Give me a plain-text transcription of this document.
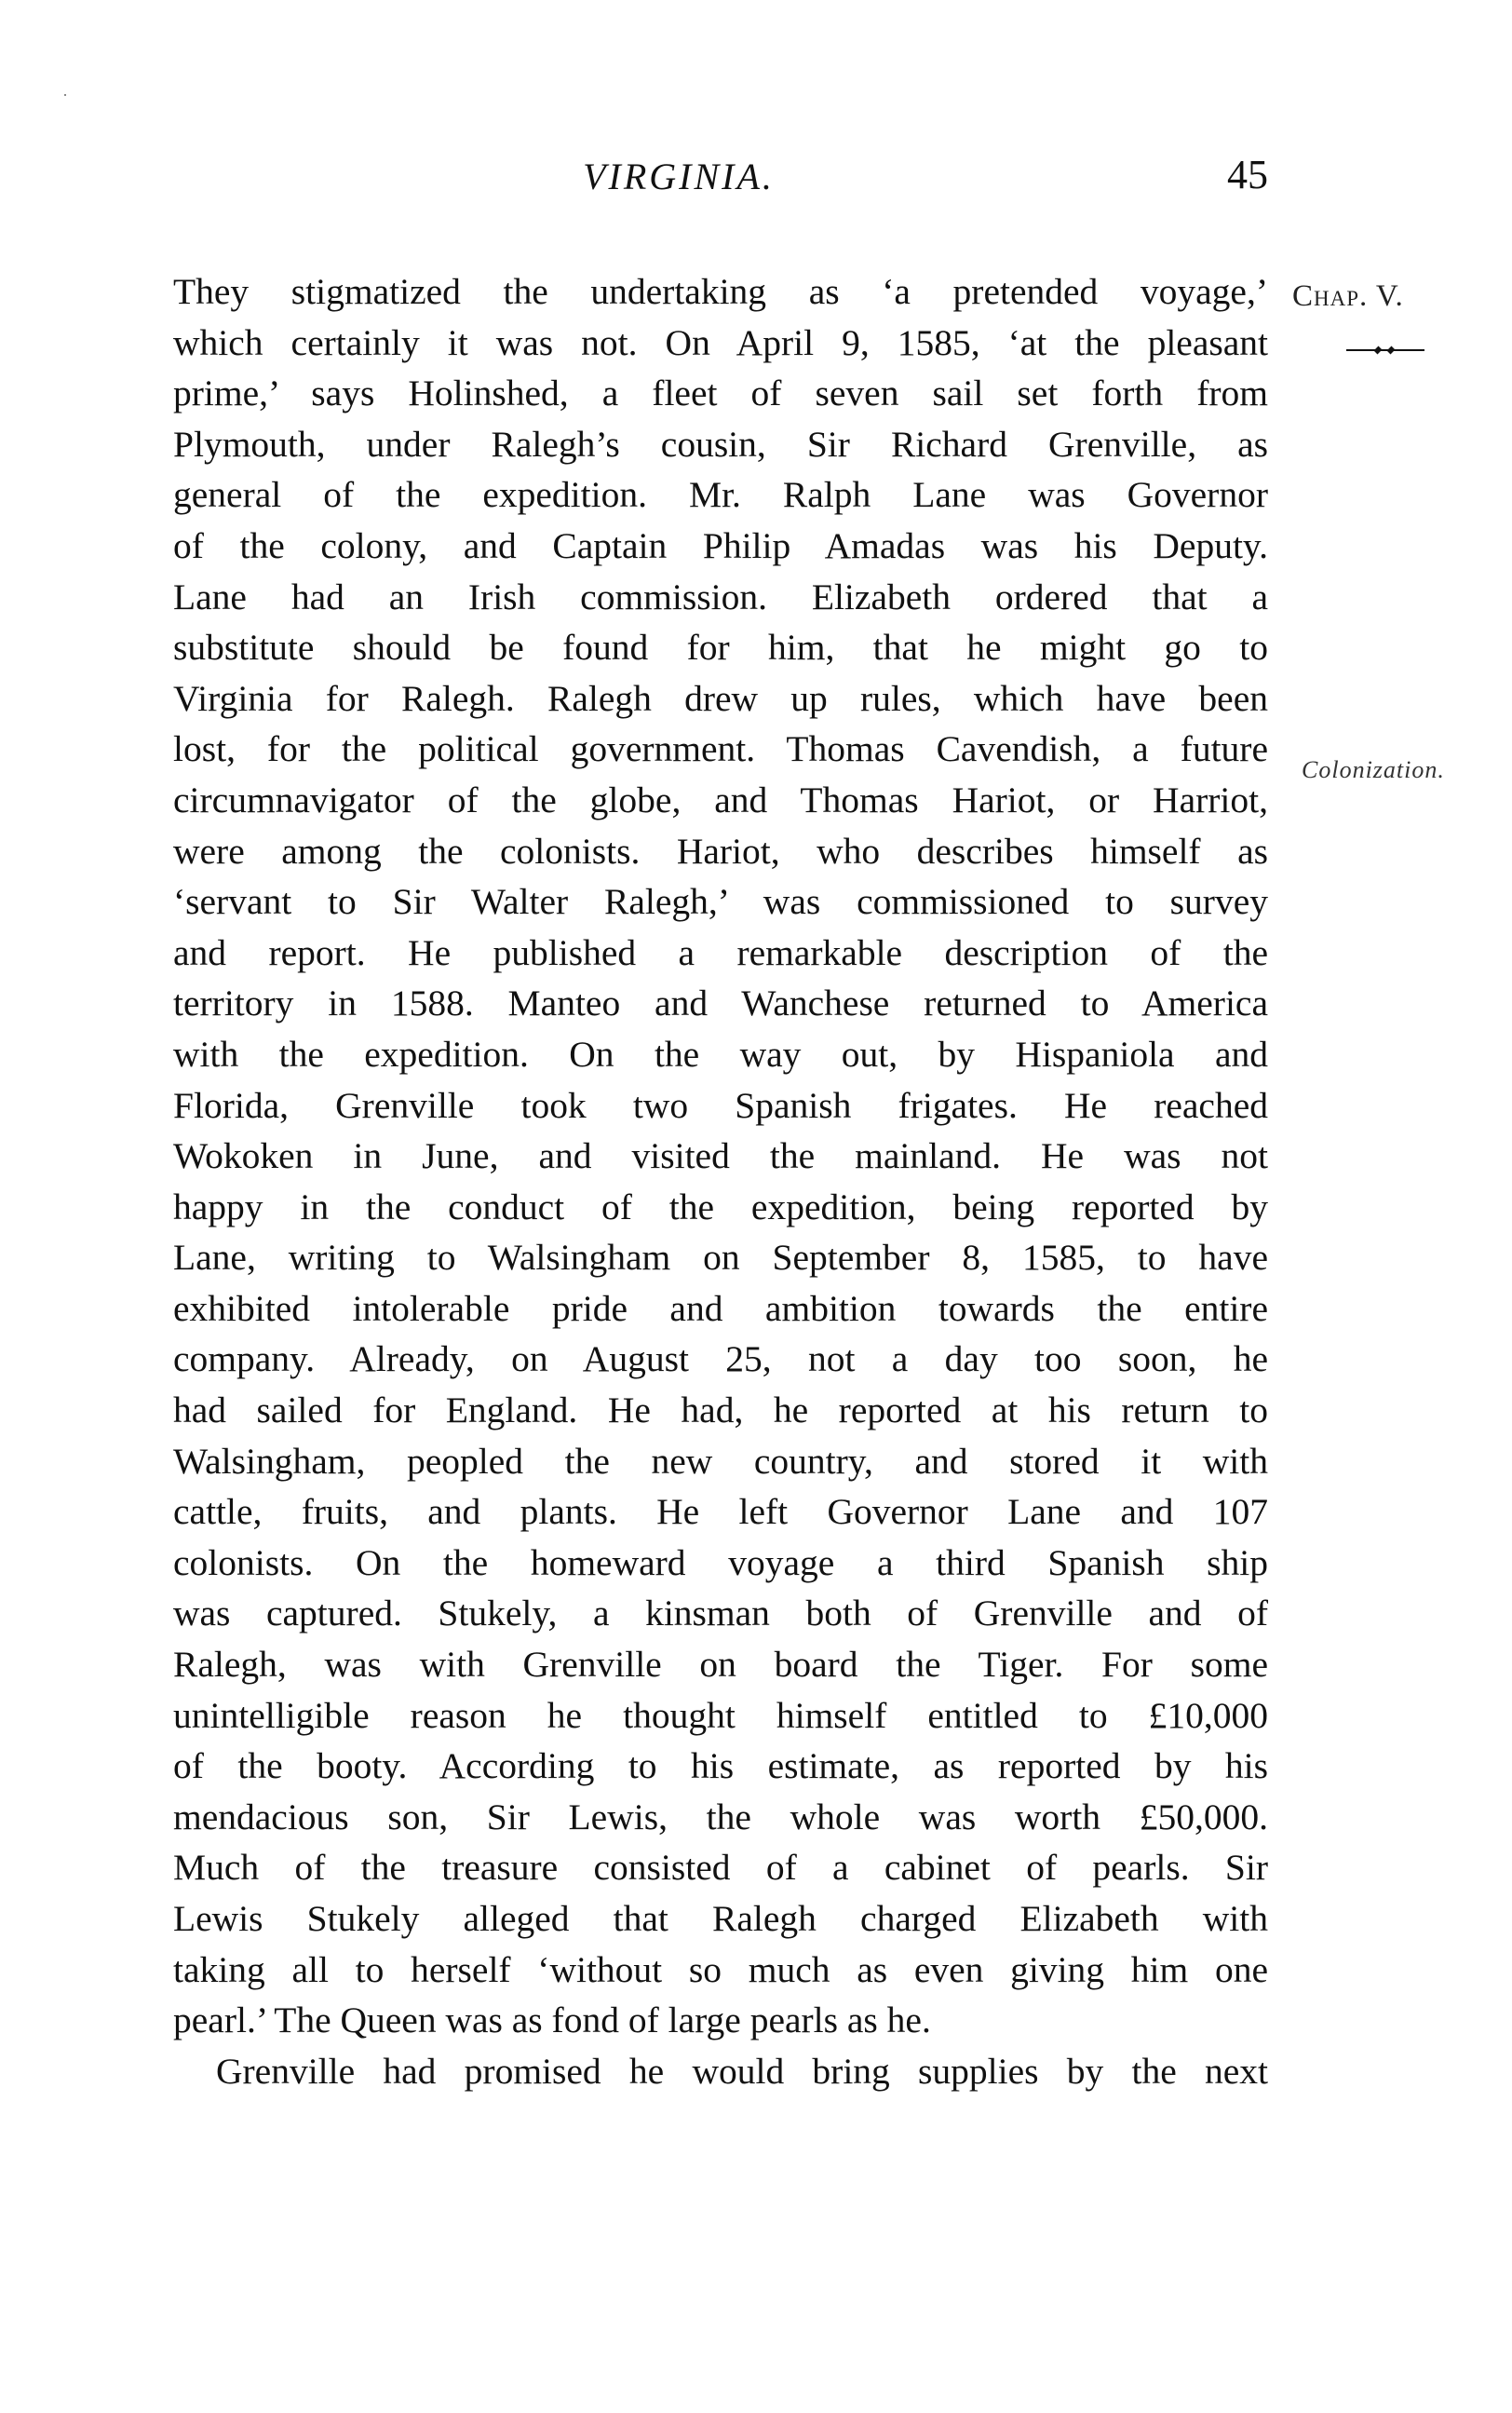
VIRGINIA.	45
Chap. V.
Colonization.
They stigmatized the undertaking as ‘a pretended voyage,’
which certainly it was not. On April 9, 1585, ‘at the pleasant
prime,’ says Holinshed, a fleet of seven sail set forth from
Plymouth, under Ralegh’s cousin, Sir Richard Grenville, as
general of the expedition. Mr. Ralph Lane was Governor
of the colony, and Captain Philip Amadas was his Deputy.
Lane had an Irish commission. Elizabeth ordered that a
substitute should be found for him, that he might go to
Virginia for Ralegh. Ralegh drew up rules, which have been
lost, for the political government. Thomas Cavendish, a future
circumnavigator of the globe, and Thomas Hariot, or Harriot,
were among the colonists. Hariot, who describes himself as
‘servant to Sir Walter Ralegh,’ was commissioned to survey
and report. He published a remarkable description of the
territory in 1588. Manteo and Wanchese returned to America
with the expedition. On the way out, by Hispaniola and
Florida, Grenville took two Spanish frigates. He reached
Wokoken in June, and visited the mainland. He was not
happy in the conduct of the expedition, being reported by
Lane, writing to Walsingham on September 8, 1585, to have
exhibited intolerable pride and ambition towards the entire
company. Already, on August 25, not a day too soon, he
had sailed for England. He had, he reported at his return to
Walsingham, peopled the new country, and stored it with
cattle, fruits, and plants. He left Governor Lane and 107
colonists. On the homeward voyage a third Spanish ship
was captured. Stukely, a kinsman both of Grenville and of
Ralegh, was with Grenville on board the Tiger. For some
unintelligible reason he thought himself entitled to £10,000
of the booty. According to his estimate, as reported by his
mendacious son, Sir Lewis, the whole was worth £50,000.
Much of the treasure consisted of a cabinet of pearls. Sir
Lewis Stukely alleged that Ralegh charged Elizabeth with
taking all to herself ‘without so much as even giving him one
pearl.’ The Queen was as fond of large pearls as he.
Grenville had promised he would bring supplies by the next
